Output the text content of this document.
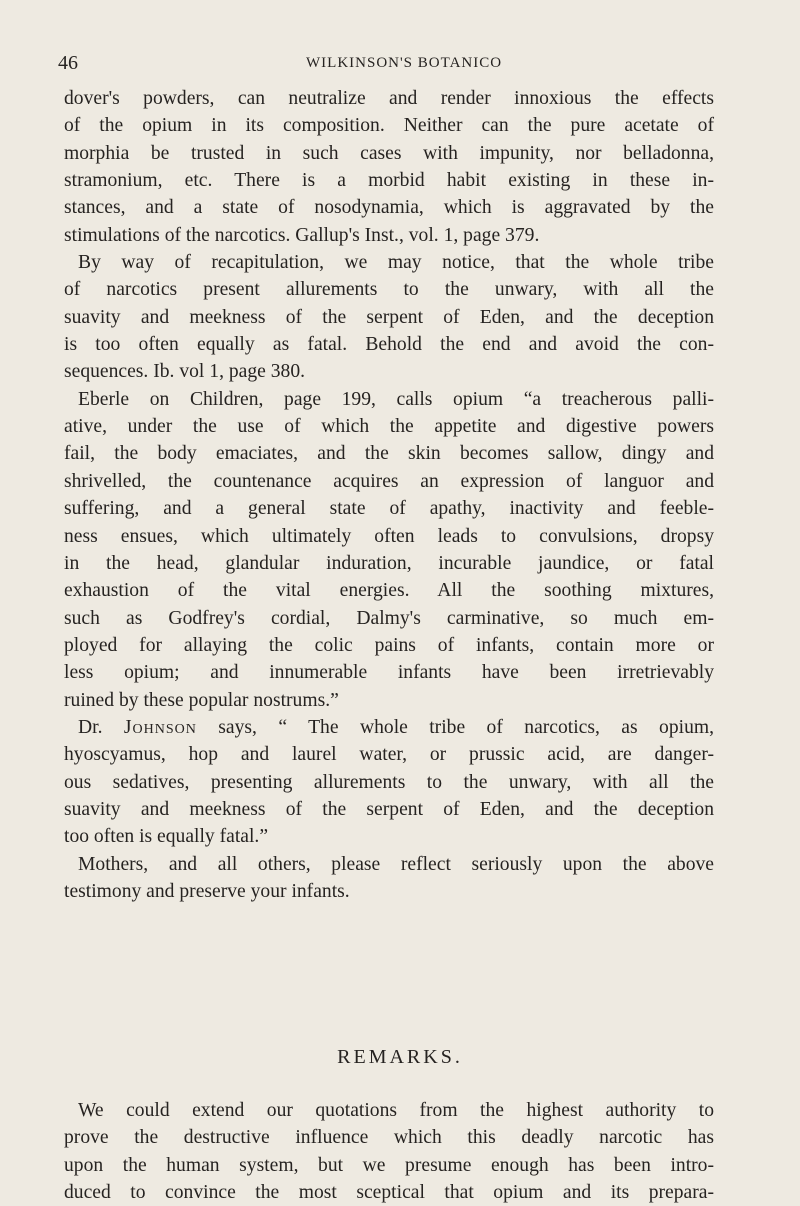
46	WILKINSON'S BOTANICO

dover's powders, can neutralize and render innoxious the effects
of the opium in its composition. Neither can the pure acetate of
morphia be trusted in such cases with impunity, nor belladonna,
stramonium, etc. There is a morbid habit existing in these in-
stances, and a state of nosodynamia, which is aggravated by the
stimulations of the narcotics. Gallup's Inst., vol. 1, page 379.

By way of recapitulation, we may notice, that the whole tribe
of narcotics present allurements to the unwary, with all the
suavity and meekness of the serpent of Eden, and the deception
is too often equally as fatal. Behold the end and avoid the con-
sequences. Ib. vol 1, page 380.

Eberle on Children, page 199, calls opium “a treacherous palli-
ative, under the use of which the appetite and digestive powers
fail, the body emaciates, and the skin becomes sallow, dingy and
shrivelled, the countenance acquires an expression of languor and
suffering, and a general state of apathy, inactivity and feeble-
ness ensues, which ultimately often leads to convulsions, dropsy
in the head, glandular induration, incurable jaundice, or fatal
exhaustion of the vital energies. All the soothing mixtures,
such as Godfrey's cordial, Dalmy's carminative, so much em-
ployed for allaying the colic pains of infants, contain more or
less opium; and innumerable infants have been irretrievably
ruined by these popular nostrums.”

Dr. Johnson says, “ The whole tribe of narcotics, as opium,
hyoscyamus, hop and laurel water, or prussic acid, are danger-
ous sedatives, presenting allurements to the unwary, with all the
suavity and meekness of the serpent of Eden, and the deception
too often is equally fatal.”

Mothers, and all others, please reflect seriously upon the above
testimony and preserve your infants.

REMARKS.
We could extend our quotations from the highest authority to
prove the destructive influence which this deadly narcotic has
upon the human system, but we presume enough has been intro-
duced to convince the most sceptical that opium and its prepara-
